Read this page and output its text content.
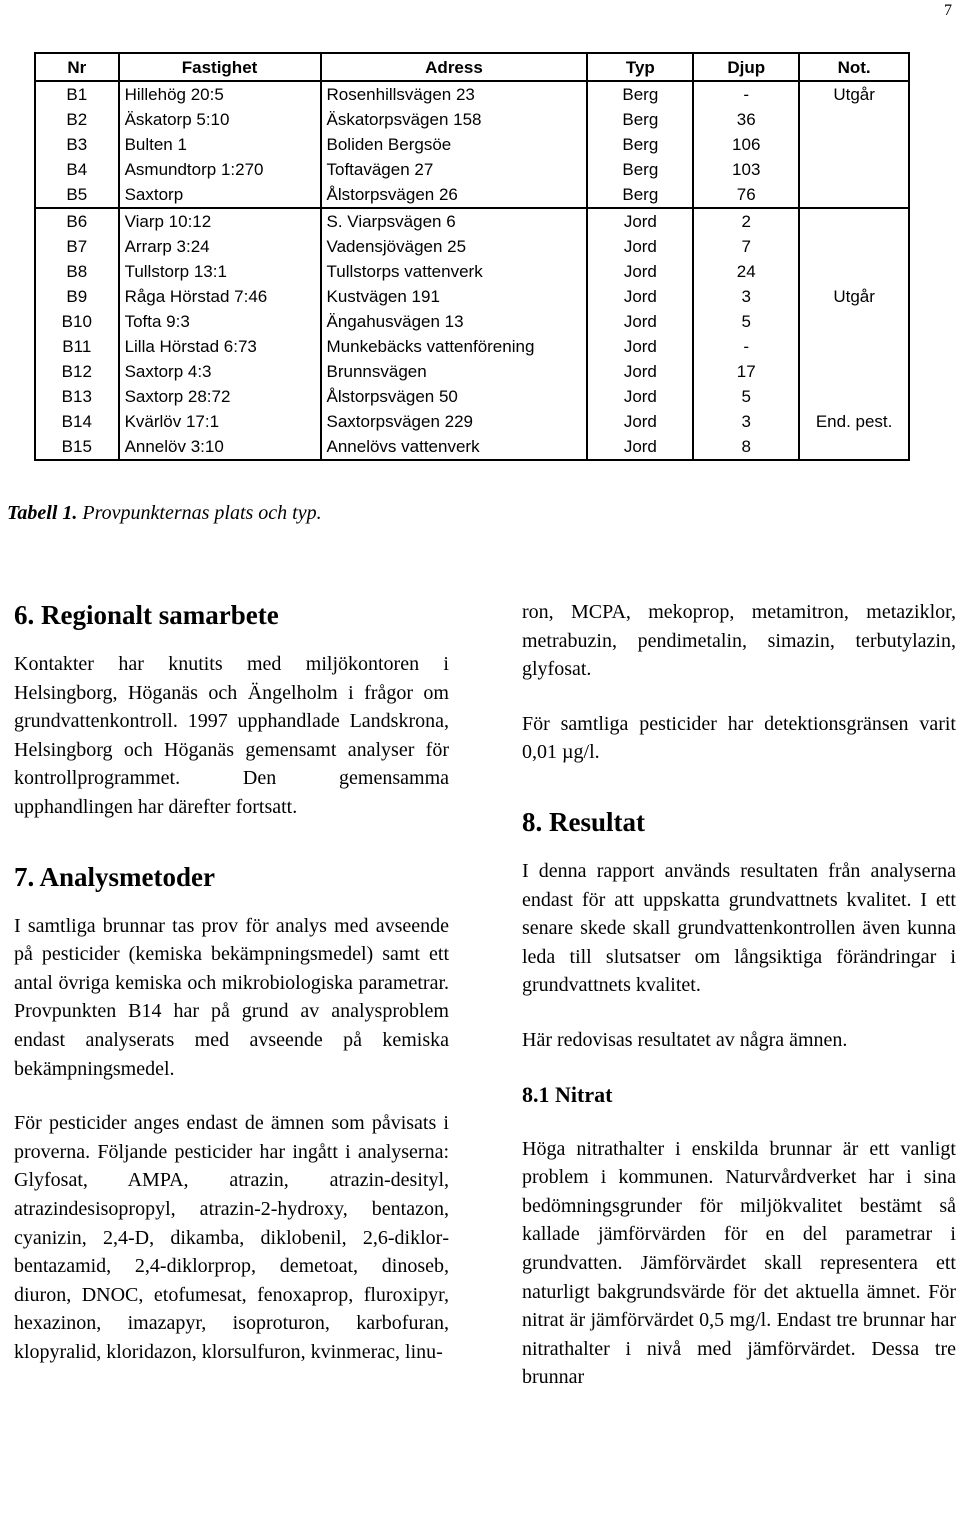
7
Nr	Fastighet	Adress	Typ	Djup	Not.
B1	Hillehög 20:5	Rosenhillsvägen 23	Berg	-	Utgår
B2	Äskatorp 5:10	Äskatorpsvägen 158	Berg	36	
B3	Bulten 1	Boliden Bergsöe	Berg	106	
B4	Asmundtorp 1:270	Toftavägen 27	Berg	103	
B5	Saxtorp	Ålstorpsvägen 26	Berg	76	
B6	Viarp 10:12	S. Viarpsvägen 6	Jord	2	
B7	Arrarp 3:24	Vadensjövägen 25	Jord	7	
B8	Tullstorp 13:1	Tullstorps vattenverk	Jord	24	
B9	Råga Hörstad 7:46	Kustvägen 191	Jord	3	Utgår
B10	Tofta 9:3	Ängahusvägen 13	Jord	5	
B11	Lilla Hörstad 6:73	Munkebäcks vattenförening	Jord	-	
B12	Saxtorp 4:3	Brunnsvägen	Jord	17	
B13	Saxtorp 28:72	Ålstorpsvägen 50	Jord	5	
B14	Kvärlöv 17:1	Saxtorpsvägen 229	Jord	3	End. pest.
B15	Annelöv 3:10	Annelövs vattenverk	Jord	8	
Tabell 1. Provpunkternas plats och typ.
6. Regionalt samarbete

Kontakter har knutits med miljökontoren i Helsingborg, Höganäs och Ängelholm i frågor om grundvattenkontroll. 1997 upphandlade Landskrona, Helsingborg och Höganäs gemensamt analyser för kontrollprogrammet. Den gemensamma upphandlingen har därefter fortsatt.

7. Analysmetoder

I samtliga brunnar tas prov för analys med avseende på pesticider (kemiska bekämpningsmedel) samt ett antal övriga kemiska och mikrobiologiska parametrar. Provpunkten B14 har på grund av analysproblem endast analyserats med avseende på kemiska bekämpningsmedel.

För pesticider anges endast de ämnen som påvisats i proverna. Följande pesticider har ingått i analyserna: Glyfosat, AMPA, atrazin, atrazin-desityl, atrazindesisopropyl, atrazin-2-hydroxy, bentazon, cyanizin, 2,4-D, dikamba, diklobenil, 2,6-diklorbentazamid, 2,4-diklorprop, demetoat, dinoseb, diuron, DNOC, etofumesat, fenoxaprop, fluroxipyr, hexazinon, imazapyr, isoproturon, karbofuran, klopyralid, kloridazon, klorsulfuron, kvinmerac, linu-

ron, MCPA, mekoprop, metamitron, metaziklor, metrabuzin, pendimetalin, simazin, terbutylazin, glyfosat.

För samtliga pesticider har detektionsgränsen varit 0,01 µg/l.

8. Resultat

I denna rapport används resultaten från analyserna endast för att uppskatta grundvattnets kvalitet. I ett senare skede skall grundvattenkontrollen även kunna leda till slutsatser om långsiktiga förändringar i grundvattnets kvalitet.

Här redovisas resultatet av några ämnen.

8.1 Nitrat

Höga nitrathalter i enskilda brunnar är ett vanligt problem i kommunen. Naturvårdverket har i sina bedömningsgrunder för miljökvalitet bestämt så kallade jämförvärden för en del parametrar i grundvatten. Jämförvärdet skall representera ett naturligt bakgrundsvärde för det aktuella ämnet. För nitrat är jämförvärdet 0,5 mg/l. Endast tre brunnar har nitrathalter i nivå med jämförvärdet. Dessa tre brunnar
